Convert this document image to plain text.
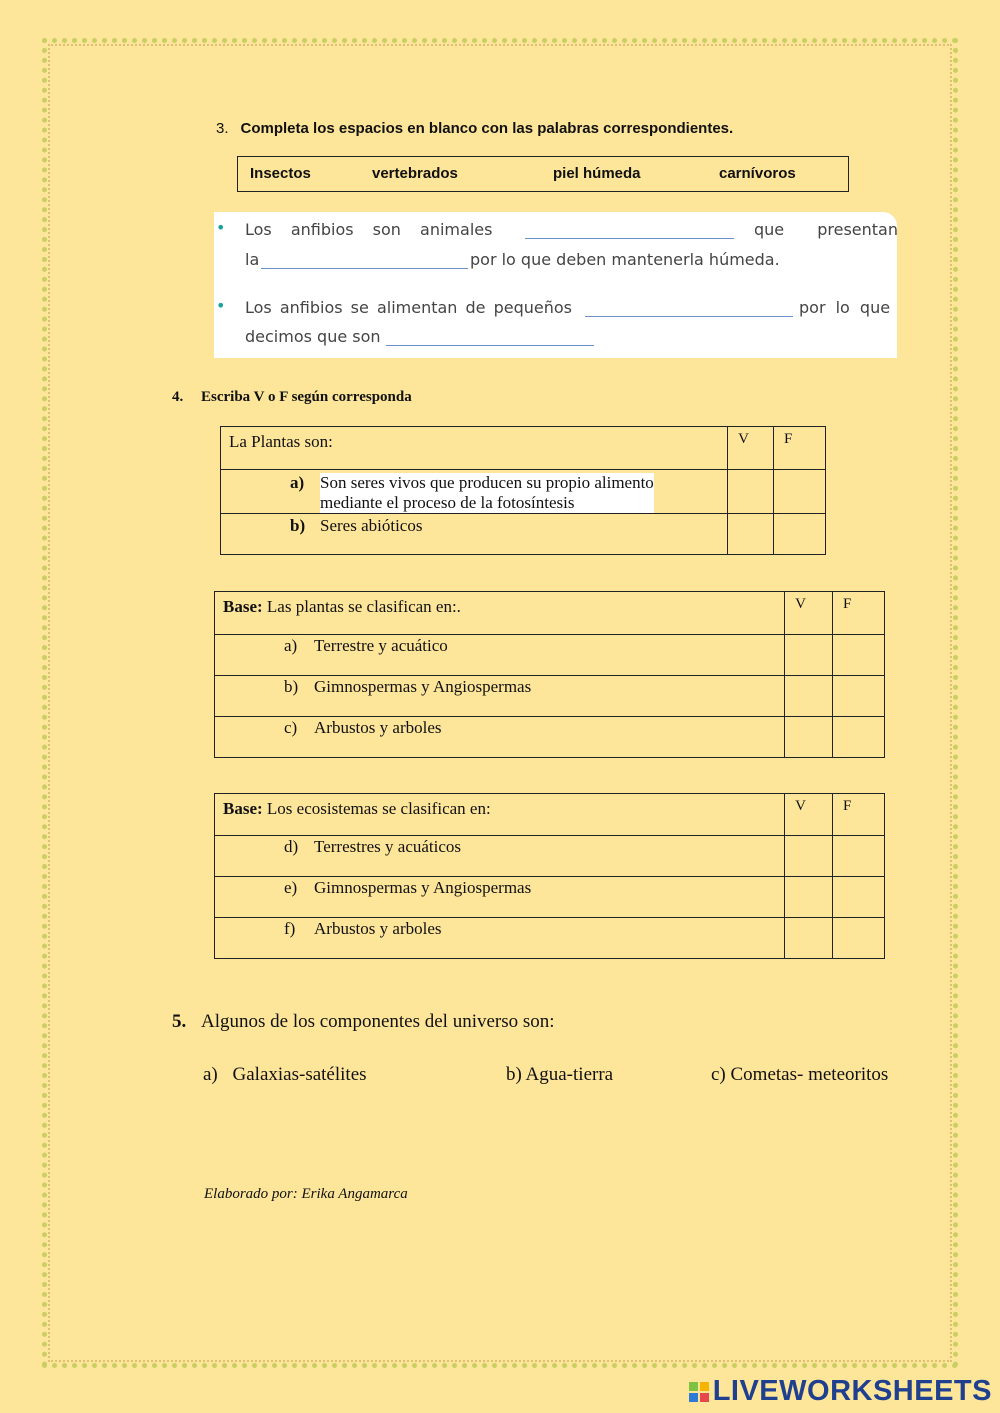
3. Completa los espacios en blanco con las palabras correspondientes.
Insectos	vertebrados	piel húmeda	carnívoros
• Los anfibios son animales	que presentan
la	por lo que deben mantenerla húmeda.
• Los anfibios se alimentan de pequeños	por lo que
decimos que son
4. Escriba V o F según corresponda
La Plantas son:	V	F

a) Son seres vivos que producen su propio alimento
mediante el proceso de la fotosíntesis		

b) Seres abióticos		

Base: Las plantas se clasifican en:.	V	F

a) Terrestre y acuático		

b) Gimnospermas y Angiospermas		

c) Arbustos y arboles		

Base: Los ecosistemas se clasifican en:	V	F

d) Terrestres y acuáticos		

e) Gimnospermas y Angiospermas		

f) Arbustos y arboles		

5. Algunos de los componentes del universo son:
a) Galaxias-satélites	b) Agua-tierra	c) Cometas- meteoritos
Elaborado por: Erika Angamarca
LIVEWORKSHEETS
